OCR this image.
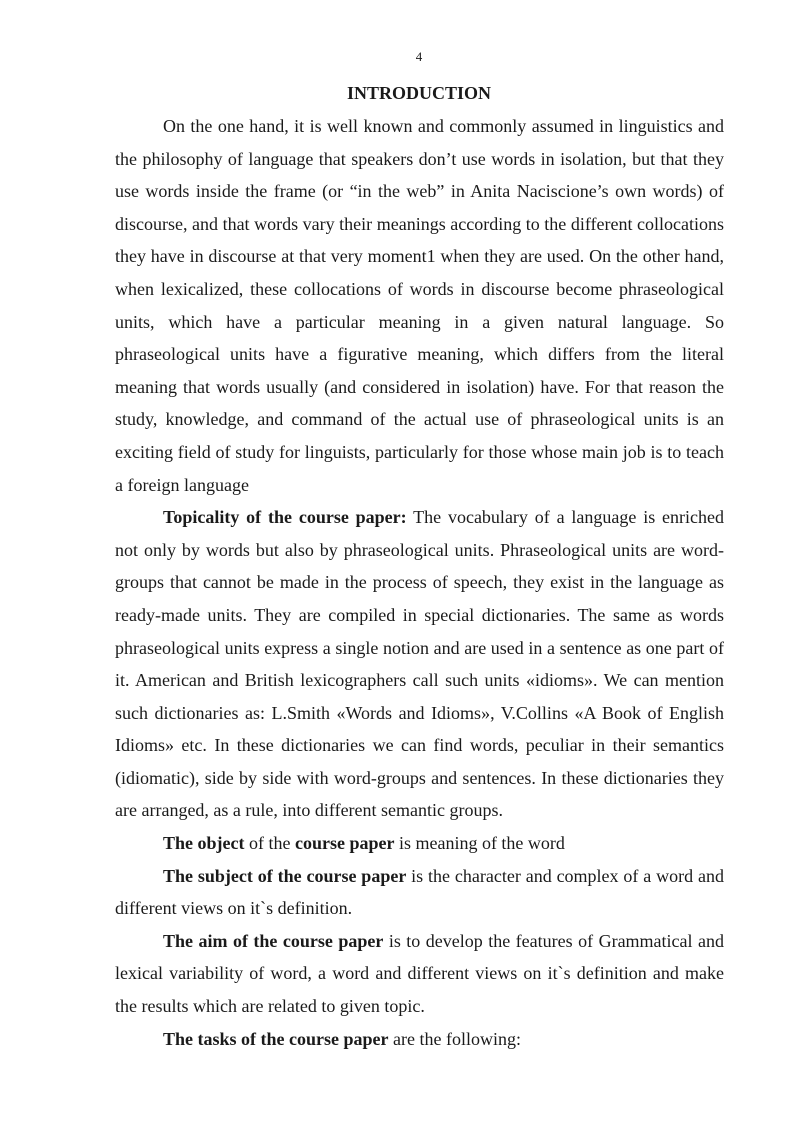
4
INTRODUCTION

On the one hand, it is well known and commonly assumed in linguistics and the philosophy of language that speakers don’t use words in isolation, but that they use words inside the frame (or “in the web” in Anita Naciscione’s own words) of discourse, and that words vary their meanings according to the different collocations they have in discourse at that very moment1 when they are used. On the other hand, when lexicalized, these collocations of words in discourse become phraseological units, which have a particular meaning in a given natural language. So phraseological units have a figurative meaning, which differs from the literal meaning that words usually (and considered in isolation) have. For that reason the study, knowledge, and command of the actual use of phraseological units is an exciting field of study for linguists, particularly for those whose main job is to teach a foreign language

Topicality of the course paper: The vocabulary of a language is enriched not only by words but also by phraseological units. Phraseological units are word-groups that cannot be made in the process of speech, they exist in the language as ready-made units. They are compiled in special dictionaries. The same as words phraseological units express a single notion and are used in a sentence as one part of it. American and British lexicographers call such units «idioms». We can mention such dictionaries as: L.Smith «Words and Idioms», V.Collins «A Book of English Idioms» etc. In these dictionaries we can find words, peculiar in their semantics (idiomatic), side by side with word-groups and sentences. In these dictionaries they are arranged, as a rule, into different semantic groups.

The object of the course paper is meaning of the word

The subject of the course paper is the character and complex of a word and different views on it`s definition.

The aim of the course paper is to develop the features of Grammatical and lexical variability of word, a word and different views on it`s definition and make the results which are related to given topic.

The tasks of the course paper are the following:
